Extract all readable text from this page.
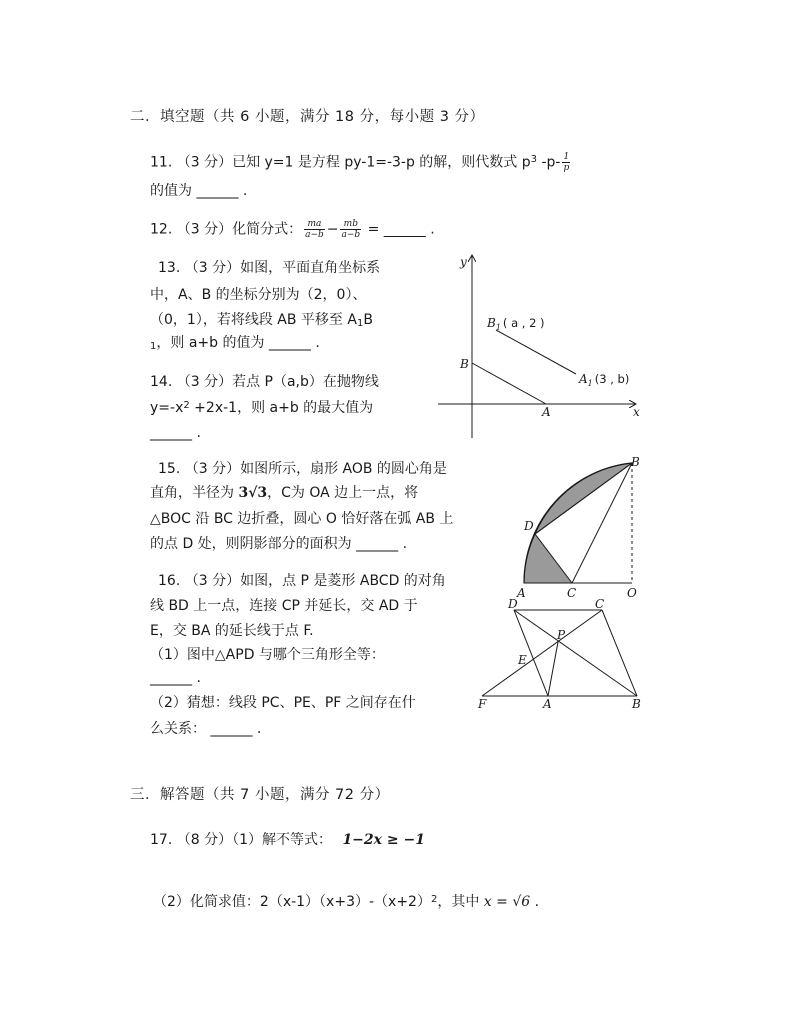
二．填空题（共 6 小题，满分 18 分，每小题 3 分）
11. （3 分）已知 y=1 是方程 py-1=-3-p 的解，则代数式 $p^3$ $-p- \frac{1}{p}$
的值为 ______ .
12. （3 分）化简分式： $\frac{ma}{a-b} - \frac{mb}{a-b}$ = ______ .
13. （3 分）如图，平面直角坐标系
中，A、B 的坐标分别为（2，0）、
（0，1），若将线段 AB 平移至 $A_1B$
$_1$，则 a+b 的值为 ______ .
y
x
B
A
$B_1$ ( a , 2 )
$A_1$ (3 , b)
14. （3 分）若点 P（a,b）在抛物线
$y=-x^2 +2x-1$，则 a+b 的最大值为
______ .
15. （3 分）如图所示，扇形 AOB 的圆心角是
直角，半径为 3√3，C为 OA 边上一点，将
△BOC 沿 BC 边折叠，圆心 O 恰好落在弧 AB 上
的点 D 处，则阴影部分的面积为 ______ .
B
D
A	C	O
16. （3 分）如图，点 P 是菱形 ABCD 的对角
线 BD 上一点，连接 CP 并延长，交 AD 于
E，交 BA 的延长线于点 F.
（1）图中△APD 与哪个三角形全等：
______ .
（2）猜想：线段 PC、PE、PF 之间存在什
么关系： ______ .
D	C
P
E
F	A	B
三．解答题（共 7 小题，满分 72 分）
17. （8 分）（1）解不等式： 1−2x ≥ −1
（2）化简求值：$2(x-1)(x+3)-(x+2)^2$，其中 x = √6 .
